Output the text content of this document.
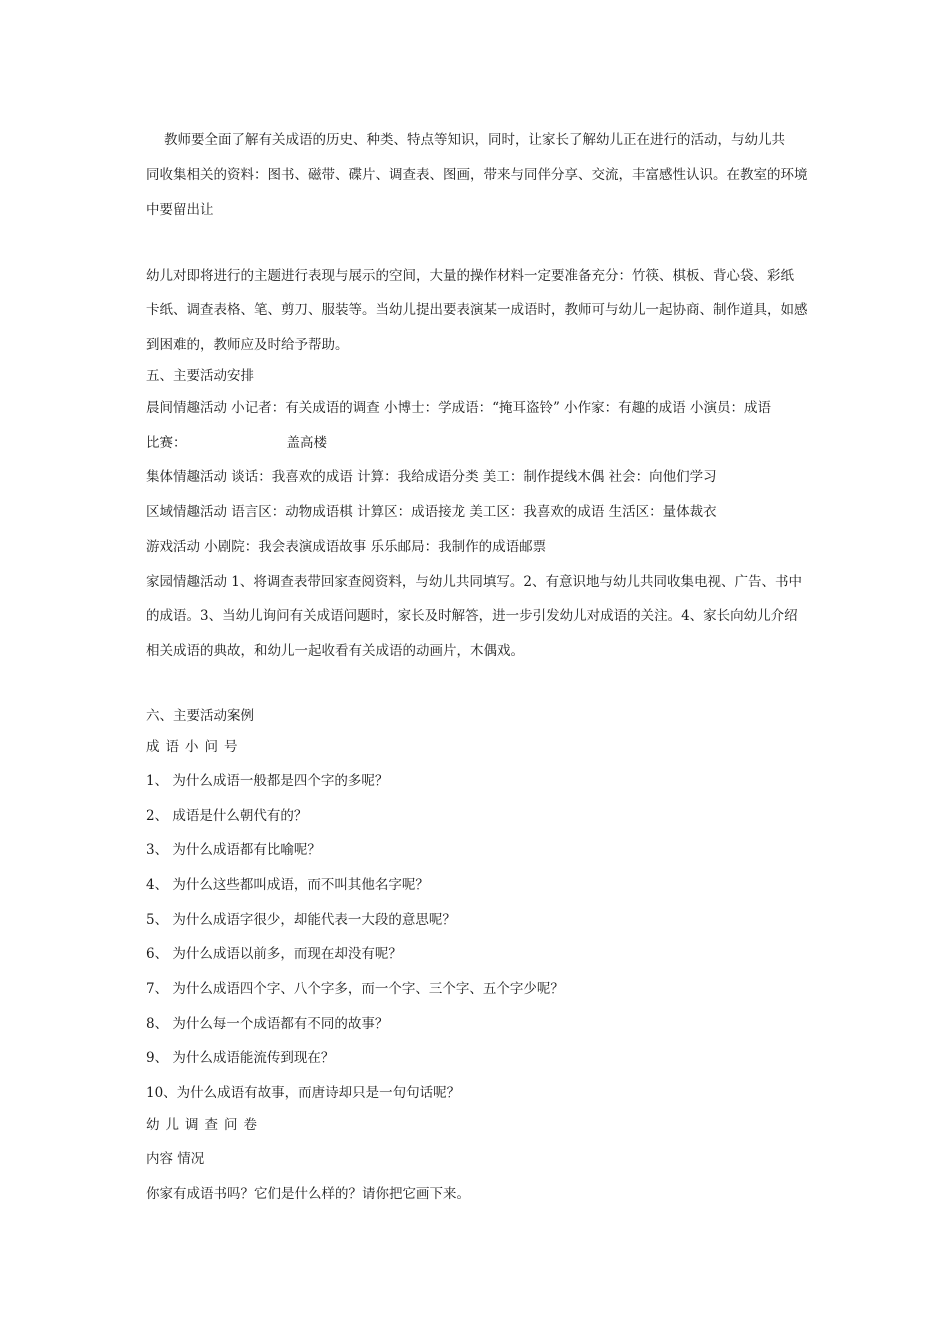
教师要全面了解有关成语的历史、种类、特点等知识，同时，让家长了解幼儿正在进行的活动，与幼儿共
同收集相关的资料：图书、磁带、碟片、调查表、图画，带来与同伴分享、交流，丰富感性认识。在教室的环境
中要留出让
幼儿对即将进行的主题进行表现与展示的空间，大量的操作材料一定要准备充分：竹筷、棋板、背心袋、彩纸
卡纸、调查表格、笔、剪刀、服装等。当幼儿提出要表演某一成语时，教师可与幼儿一起协商、制作道具，如感
到困难的，教师应及时给予帮助。
五、主要活动安排
晨间情趣活动 小记者：有关成语的调查 小博士：学成语：“掩耳盗铃” 小作家：有趣的成语 小演员：成语
比赛：	盖高楼
集体情趣活动 谈话：我喜欢的成语 计算：我给成语分类 美工：制作提线木偶 社会：向他们学习
区域情趣活动 语言区：动物成语棋 计算区：成语接龙 美工区：我喜欢的成语 生活区：量体裁衣
游戏活动 小剧院：我会表演成语故事 乐乐邮局：我制作的成语邮票
家园情趣活动 1、将调查表带回家查阅资料，与幼儿共同填写。2、有意识地与幼儿共同收集电视、广告、书中
的成语。3、当幼儿询问有关成语问题时，家长及时解答，进一步引发幼儿对成语的关注。4、家长向幼儿介绍
相关成语的典故，和幼儿一起收看有关成语的动画片，木偶戏。
六、主要活动案例
成语小问号
1、 为什么成语一般都是四个字的多呢？
2、 成语是什么朝代有的？
3、 为什么成语都有比喻呢？
4、 为什么这些都叫成语，而不叫其他名字呢？
5、 为什么成语字很少，却能代表一大段的意思呢？
6、 为什么成语以前多，而现在却没有呢？
7、 为什么成语四个字、八个字多，而一个字、三个字、五个字少呢？
8、 为什么每一个成语都有不同的故事？
9、 为什么成语能流传到现在？
10、为什么成语有故事，而唐诗却只是一句句话呢？
幼儿调查问卷
内容 情况
你家有成语书吗？它们是什么样的？请你把它画下来。
